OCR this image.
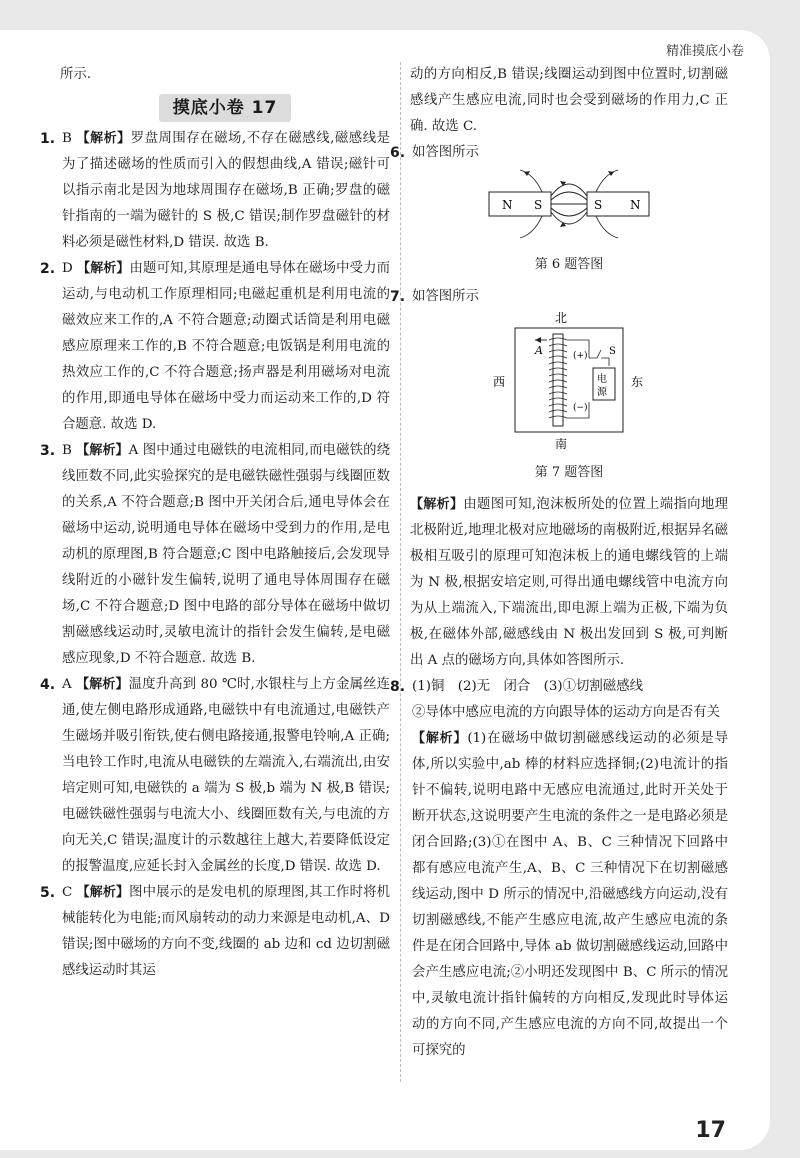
精准摸底小卷

所示.

摸底小卷 17
1. B 【解析】罗盘周围存在磁场,不存在磁感线,磁感线是为了描述磁场的性质而引入的假想曲线,A 错误;磁针可以指示南北是因为地球周围存在磁场,B 正确;罗盘的磁针指南的一端为磁针的 S 极,C 错误;制作罗盘磁针的材料必须是磁性材料,D 错误. 故选 B.
2. D 【解析】由题可知,其原理是通电导体在磁场中受力而运动,与电动机工作原理相同;电磁起重机是利用电流的磁效应来工作的,A 不符合题意;动圈式话筒是利用电磁感应原理来工作的,B 不符合题意;电饭锅是利用电流的热效应工作的,C 不符合题意;扬声器是利用磁场对电流的作用,即通电导体在磁场中受力而运动来工作的,D 符合题意. 故选 D.
3. B 【解析】A 图中通过电磁铁的电流相同,而电磁铁的绕线匝数不同,此实验探究的是电磁铁磁性强弱与线圈匝数的关系,A 不符合题意;B 图中开关闭合后,通电导体会在磁场中运动,说明通电导体在磁场中受到力的作用,是电动机的原理图,B 符合题意;C 图中电路触接后,会发现导线附近的小磁针发生偏转,说明了通电导体周围存在磁场,C 不符合题意;D 图中电路的部分导体在磁场中做切割磁感线运动时,灵敏电流计的指针会发生偏转,是电磁感应现象,D 不符合题意. 故选 B.
4. A 【解析】温度升高到 80 ℃时,水银柱与上方金属丝连通,使左侧电路形成通路,电磁铁中有电流通过,电磁铁产生磁场并吸引衔铁,使右侧电路接通,报警电铃响,A 正确;当电铃工作时,电流从电磁铁的左端流入,右端流出,由安培定则可知,电磁铁的 a 端为 S 极,b 端为 N 极,B 错误;电磁铁磁性强弱与电流大小、线圈匝数有关,与电流的方向无关,C 错误;温度计的示数越往上越大,若要降低设定的报警温度,应延长封入金属丝的长度,D 错误. 故选 D.
5. C 【解析】图中展示的是发电机的原理图,其工作时将机械能转化为电能;而风扇转动的动力来源是电动机,A、D 错误;图中磁场的方向不变,线圈的 ab 边和 cd 边切割磁感线运动时其运

动的方向相反,B 错误;线圈运动到图中位置时,切割磁感线产生感应电流,同时也会受到磁场的作用力,C 正确. 故选 C.

6. 如答图所示
N S	S N

第 6 题答图

7. 如答图所示
北
南
西	东
电
源
(+)
(−)
S
A

第 7 题答图

【解析】由题图可知,泡沫板所处的位置上端指向地理北极附近,地理北极对应地磁场的南极附近,根据异名磁极相互吸引的原理可知泡沫板上的通电螺线管的上端为 N 极,根据安培定则,可得出通电螺线管中电流方向为从上端流入,下端流出,即电源上端为正极,下端为负极,在磁体外部,磁感线由 N 极出发回到 S 极,可判断出 A 点的磁场方向,具体如答图所示.

8. (1)铜　(2)无　闭合　(3)①切割磁感线

②导体中感应电流的方向跟导体的运动方向是否有关

【解析】(1)在磁场中做切割磁感线运动的必须是导体,所以实验中,ab 棒的材料应选择铜;(2)电流计的指针不偏转,说明电路中无感应电流通过,此时开关处于断开状态,这说明要产生电流的条件之一是电路必须是闭合回路;(3)①在图中 A、B、C 三种情况下回路中都有感应电流产生,A、B、C 三种情况下在切割磁感线运动,图中 D 所示的情况中,沿磁感线方向运动,没有切割磁感线,不能产生感应电流,故产生感应电流的条件是在闭合回路中,导体 ab 做切割磁感线运动,回路中会产生感应电流;②小明还发现图中 B、C 所示的情况中,灵敏电流计指针偏转的方向相反,发现此时导体运动的方向不同,产生感应电流的方向不同,故提出一个可探究的

17
